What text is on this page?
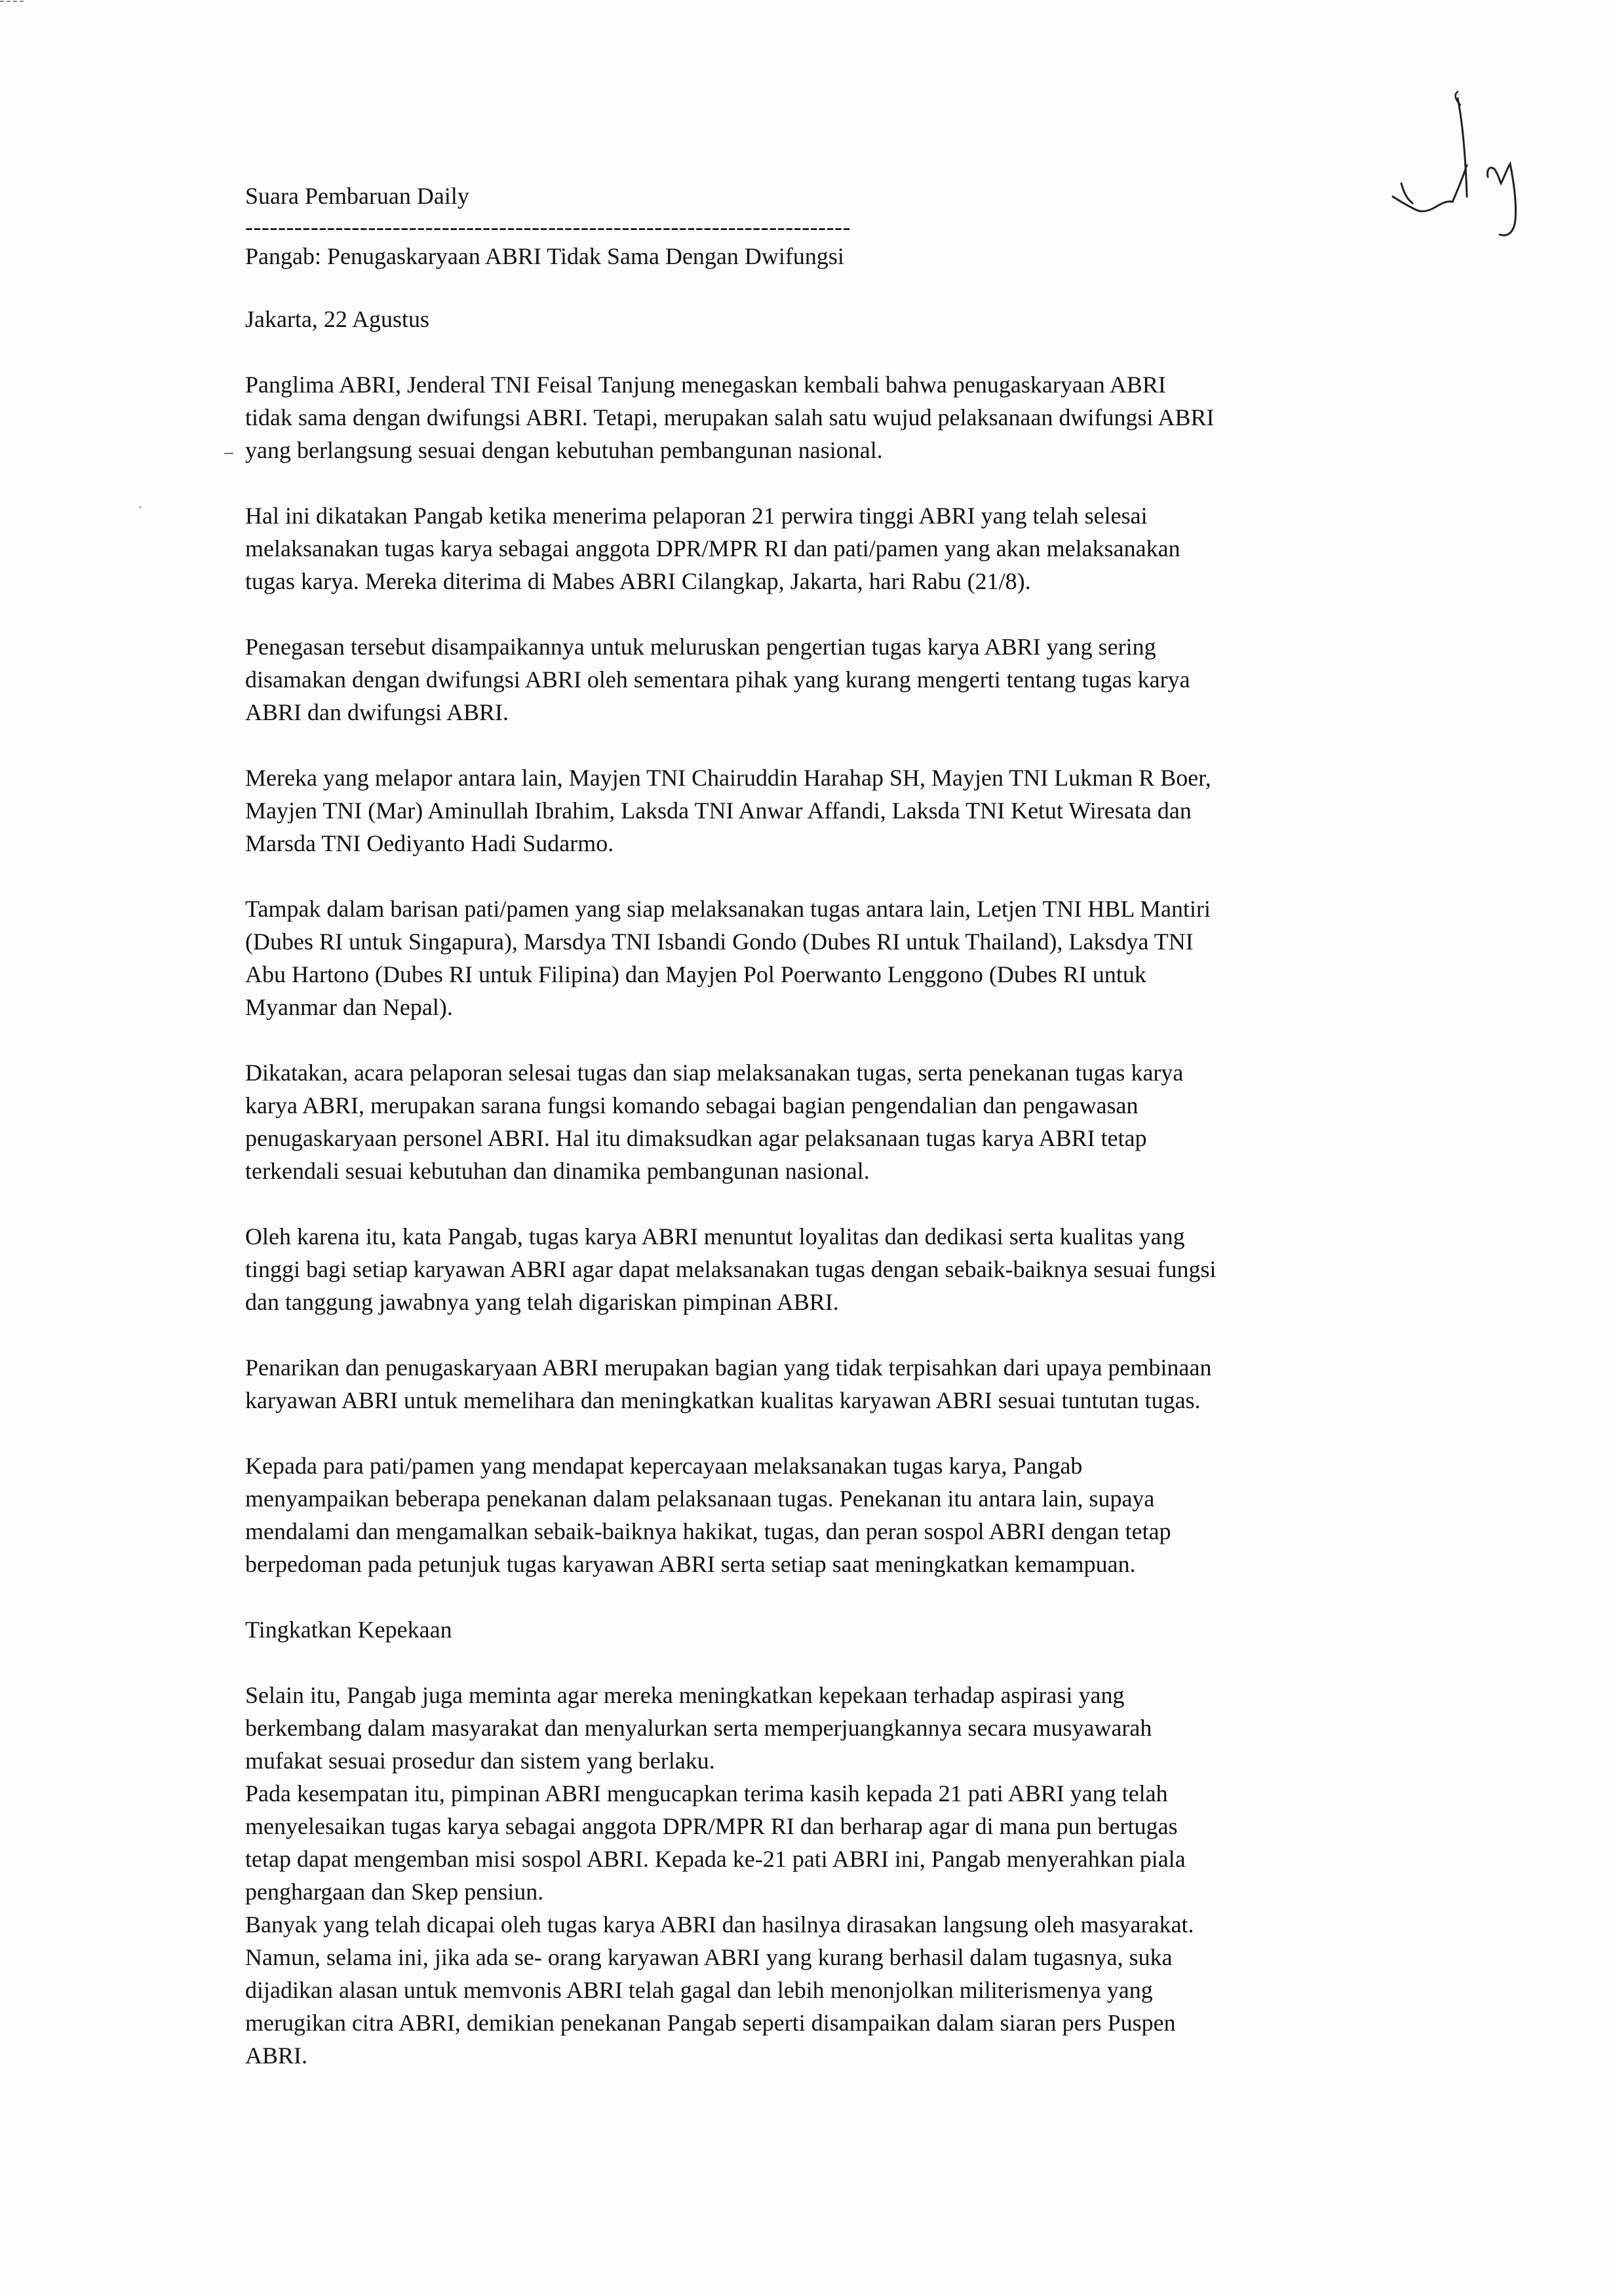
Suara Pembaruan Daily

--------------------------------------------------------------------------

Pangab: Penugaskaryaan ABRI Tidak Sama Dengan Dwifungsi

Jakarta, 22 Agustus

Panglima ABRI, Jenderal TNI Feisal Tanjung menegaskan kembali bahwa penugaskaryaan ABRI

tidak sama dengan dwifungsi ABRI. Tetapi, merupakan salah satu wujud pelaksanaan dwifungsi ABRI

yang berlangsung sesuai dengan kebutuhan pembangunan nasional.

Hal ini dikatakan Pangab ketika menerima pelaporan 21 perwira tinggi ABRI yang telah selesai

melaksanakan tugas karya sebagai anggota DPR/MPR RI dan pati/pamen yang akan melaksanakan

tugas karya. Mereka diterima di Mabes ABRI Cilangkap, Jakarta, hari Rabu (21/8).

Penegasan tersebut disampaikannya untuk meluruskan pengertian tugas karya ABRI yang sering

disamakan dengan dwifungsi ABRI oleh sementara pihak yang kurang mengerti tentang tugas karya

ABRI dan dwifungsi ABRI.

Mereka yang melapor antara lain, Mayjen TNI Chairuddin Harahap SH, Mayjen TNI Lukman R Boer,

Mayjen TNI (Mar) Aminullah Ibrahim, Laksda TNI Anwar Affandi, Laksda TNI Ketut Wiresata dan

Marsda TNI Oediyanto Hadi Sudarmo.

Tampak dalam barisan pati/pamen yang siap melaksanakan tugas antara lain, Letjen TNI HBL Mantiri

(Dubes RI untuk Singapura), Marsdya TNI Isbandi Gondo (Dubes RI untuk Thailand), Laksdya TNI

Abu Hartono (Dubes RI untuk Filipina) dan Mayjen Pol Poerwanto Lenggono (Dubes RI untuk

Myanmar dan Nepal).

Dikatakan, acara pelaporan selesai tugas dan siap melaksanakan tugas, serta penekanan tugas karya

karya ABRI, merupakan sarana fungsi komando sebagai bagian pengendalian dan pengawasan

penugaskaryaan personel ABRI. Hal itu dimaksudkan agar pelaksanaan tugas karya ABRI tetap

terkendali sesuai kebutuhan dan dinamika pembangunan nasional.

Oleh karena itu, kata Pangab, tugas karya ABRI menuntut loyalitas dan dedikasi serta kualitas yang

tinggi bagi setiap karyawan ABRI agar dapat melaksanakan tugas dengan sebaik-baiknya sesuai fungsi

dan tanggung jawabnya yang telah digariskan pimpinan ABRI.

Penarikan dan penugaskaryaan ABRI merupakan bagian yang tidak terpisahkan dari upaya pembinaan

karyawan ABRI untuk memelihara dan meningkatkan kualitas karyawan ABRI sesuai tuntutan tugas.

Kepada para pati/pamen yang mendapat kepercayaan melaksanakan tugas karya, Pangab

menyampaikan beberapa penekanan dalam pelaksanaan tugas. Penekanan itu antara lain, supaya

mendalami dan mengamalkan sebaik-baiknya hakikat, tugas, dan peran sospol ABRI dengan tetap

berpedoman pada petunjuk tugas karyawan ABRI serta setiap saat meningkatkan kemampuan.

Tingkatkan Kepekaan

Selain itu, Pangab juga meminta agar mereka meningkatkan kepekaan terhadap aspirasi yang

berkembang dalam masyarakat dan menyalurkan serta memperjuangkannya secara musyawarah

mufakat sesuai prosedur dan sistem yang berlaku.

Pada kesempatan itu, pimpinan ABRI mengucapkan terima kasih kepada 21 pati ABRI yang telah

menyelesaikan tugas karya sebagai anggota DPR/MPR RI dan berharap agar di mana pun bertugas

tetap dapat mengemban misi sospol ABRI. Kepada ke-21 pati ABRI ini, Pangab menyerahkan piala

penghargaan dan Skep pensiun.

Banyak yang telah dicapai oleh tugas karya ABRI dan hasilnya dirasakan langsung oleh masyarakat.

Namun, selama ini, jika ada se- orang karyawan ABRI yang kurang berhasil dalam tugasnya, suka

dijadikan alasan untuk memvonis ABRI telah gagal dan lebih menonjolkan militerismenya yang

merugikan citra ABRI, demikian penekanan Pangab seperti disampaikan dalam siaran pers Puspen

ABRI.
